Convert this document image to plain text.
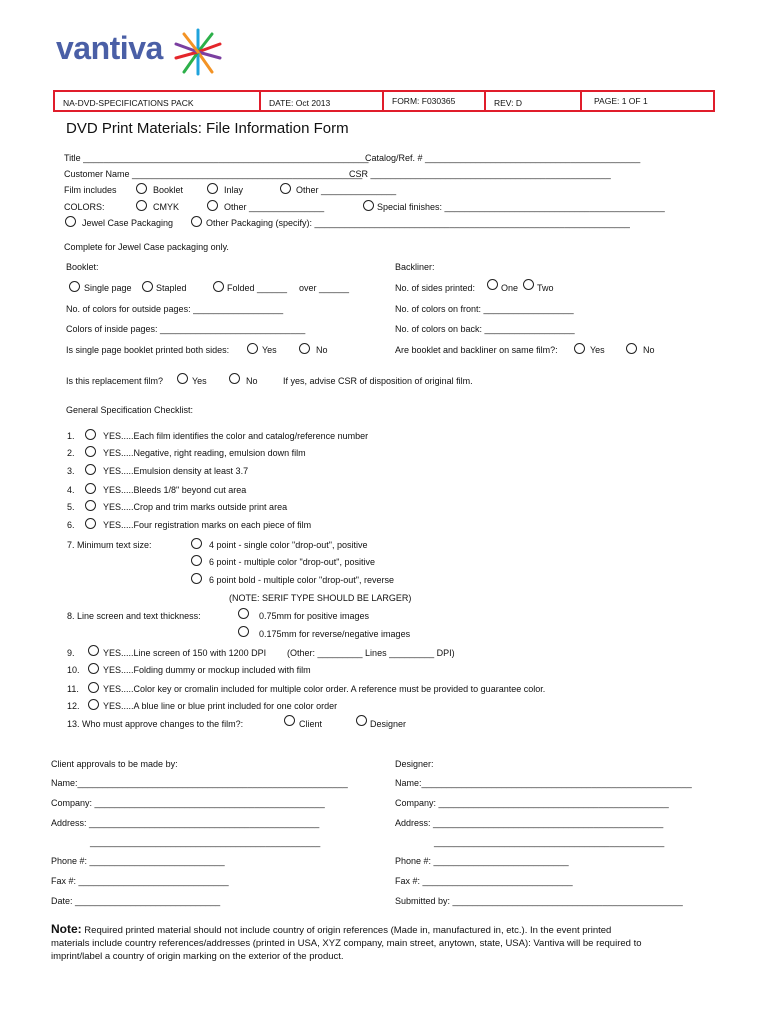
vantiva
NA-DVD-SPECIFICATIONS PACK	DATE: Oct 2013	FORM: F030365	REV: D	PAGE: 1 OF 1
DVD Print Materials: File Information Form
Title _________________________________________________________
Catalog/Ref. # ___________________________________________
Customer Name ______________________________________________
CSR ________________________________________________
Film includes	Booklet	Inlay	Other _______________
COLORS:	CMYK	Other _______________	Special finishes: ____________________________________________
Jewel Case Packaging	Other Packaging (specify): _______________________________________________________________
Complete for Jewel Case packaging only.
Booklet:	Backliner:
Single page	Stapled	Folded ______ over ______	No. of sides printed:	One Two
No. of colors for outside pages: __________________	No. of colors on front: __________________
Colors of inside pages: _____________________________	No. of colors on back: __________________
Is single page booklet printed both sides:	Yes	No	Are booklet and backliner on same film?:	Yes	No
Is this replacement film?	Yes	No	If yes, advise CSR of disposition of original film.
General Specification Checklist:
1.	YES.....Each film identifies the color and catalog/reference number
2.	YES.....Negative, right reading, emulsion down film
3.	YES.....Emulsion density at least 3.7
4.	YES.....Bleeds 1/8" beyond cut area
5.	YES.....Crop and trim marks outside print area
6.	YES.....Four registration marks on each piece of film
7. Minimum text size:	4 point - single color "drop-out", positive
6 point - multiple color "drop-out", positive
6 point bold - multiple color "drop-out", reverse
(NOTE: SERIF TYPE SHOULD BE LARGER)
8. Line screen and text thickness:	0.75mm for positive images
0.175mm for reverse/negative images
9.	YES.....Line screen of 150 with 1200 DPI (Other: _________ Lines _________ DPI)
10.	YES.....Folding dummy or mockup included with film
11.	YES.....Color key or cromalin included for multiple color order. A reference must be provided to guarantee color.
12.	YES.....A blue line or blue print included for one color order
13. Who must approve changes to the film?:	Client	Designer
Client approvals to be made by:	Designer:
Name:______________________________________________________	Name:______________________________________________________
Company: ______________________________________________	Company: ______________________________________________
Address: ______________________________________________	Address: ______________________________________________
______________________________________________	______________________________________________
Phone #: ___________________________	Phone #: ___________________________
Fax #: ______________________________	Fax #: ______________________________
Date: _____________________________	Submitted by: ______________________________________________
Note: Required printed material should not include country of origin references (Made in, manufactured in, etc.). In the event printed materials include country references/addresses (printed in USA, XYZ company, main street, anytown, state, USA): Vantiva will be required to imprint/label a country of origin marking on the exterior of the product.
